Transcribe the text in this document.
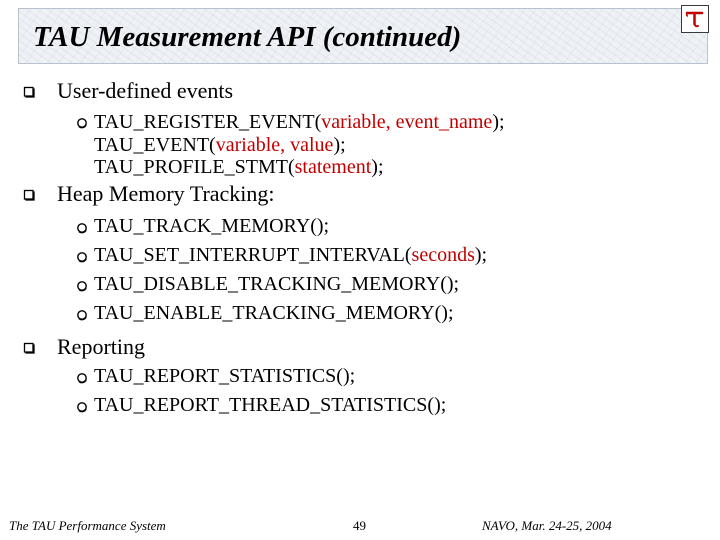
TAU Measurement API (continued)
User-defined events
TAU_REGISTER_EVENT(variable, event_name);
TAU_EVENT(variable, value);
TAU_PROFILE_STMT(statement);
Heap Memory Tracking:
TAU_TRACK_MEMORY();
TAU_SET_INTERRUPT_INTERVAL(seconds);
TAU_DISABLE_TRACKING_MEMORY();
TAU_ENABLE_TRACKING_MEMORY();
Reporting
TAU_REPORT_STATISTICS();
TAU_REPORT_THREAD_STATISTICS();
The TAU Performance System	49	NAVO, Mar. 24-25, 2004
